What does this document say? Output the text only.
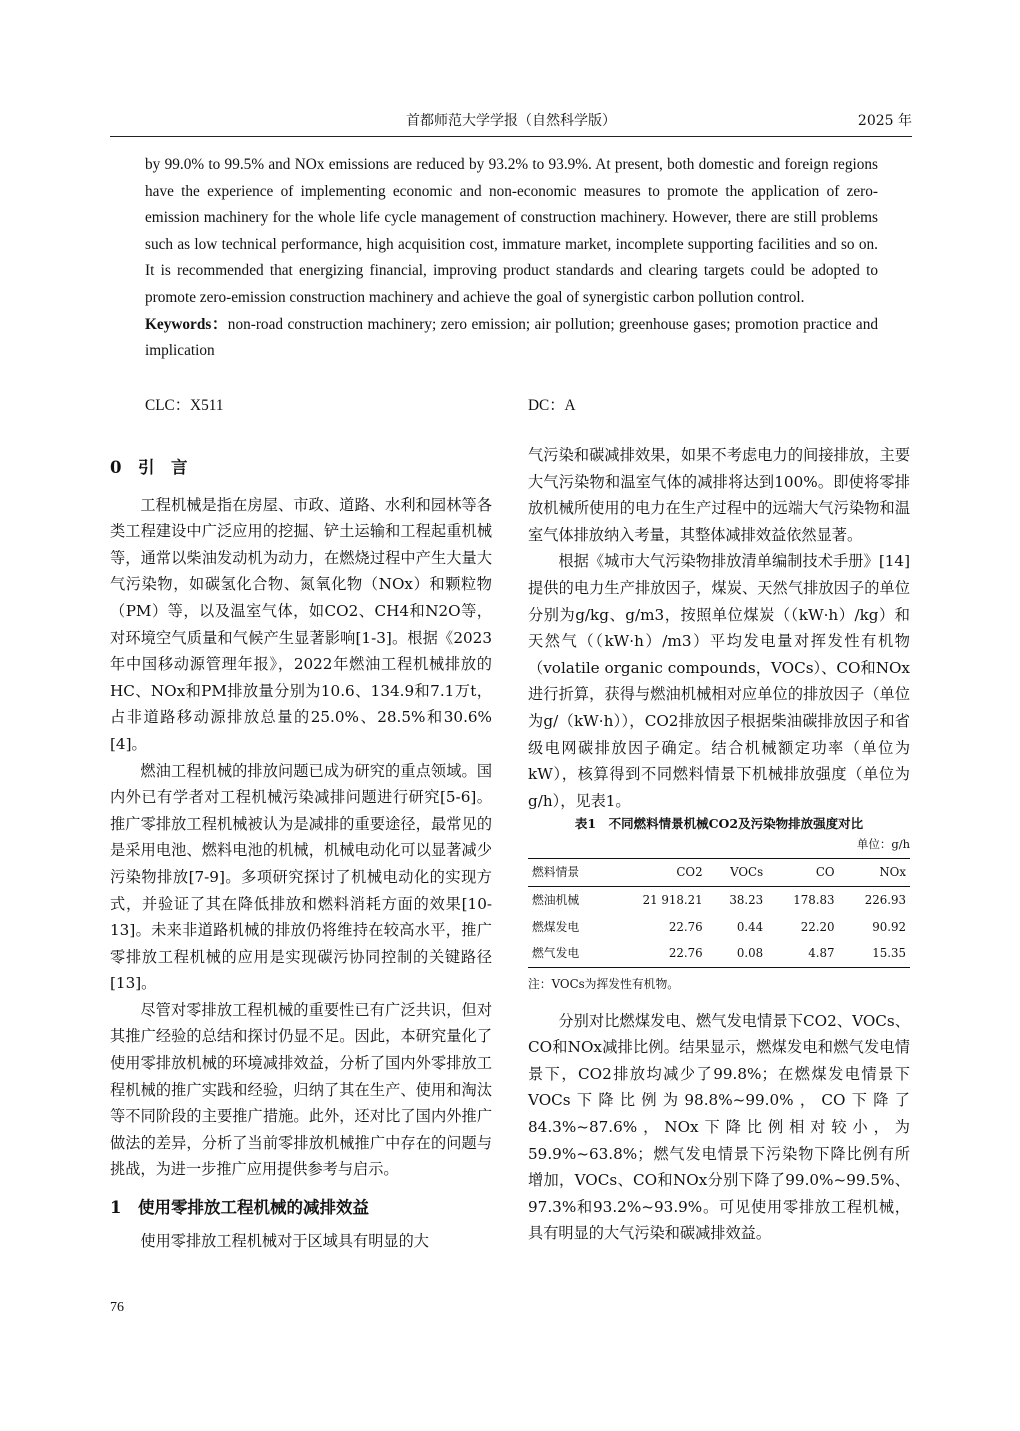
首都师范大学学报（自然科学版）	2025 年

by 99.0% to 99.5% and NOx emissions are reduced by 93.2% to 93.9%. At present, both domestic and foreign regions have the experience of implementing economic and non-economic measures to promote the application of zero-emission machinery for the whole life cycle management of construction machinery. However, there are still problems such as low technical performance, high acquisition cost, immature market, incomplete supporting facilities and so on. It is recommended that energizing financial, improving product standards and clearing targets could be adopted to promote zero-emission construction machinery and achieve the goal of synergistic carbon pollution control.

Keywords：non-road construction machinery; zero emission; air pollution; greenhouse gases; promotion practice and implication

CLC：X511	DC：A

0　引　言

工程机械是指在房屋、市政、道路、水利和园林等各类工程建设中广泛应用的挖掘、铲土运输和工程起重机械等，通常以柴油发动机为动力，在燃烧过程中产生大量大气污染物，如碳氢化合物、氮氧化物（NOx）和颗粒物（PM）等，以及温室气体，如CO2、CH4和N2O等，对环境空气质量和气候产生显著影响[1-3]。根据《2023年中国移动源管理年报》，2022年燃油工程机械排放的HC、NOx和PM排放量分别为10.6、134.9和7.1万t，占非道路移动源排放总量的25.0%、28.5%和30.6%[4]。

燃油工程机械的排放问题已成为研究的重点领域。国内外已有学者对工程机械污染减排问题进行研究[5-6]。推广零排放工程机械被认为是减排的重要途径，最常见的是采用电池、燃料电池的机械，机械电动化可以显著减少污染物排放[7-9]。多项研究探讨了机械电动化的实现方式，并验证了其在降低排放和燃料消耗方面的效果[10-13]。未来非道路机械的排放仍将维持在较高水平，推广零排放工程机械的应用是实现碳污协同控制的关键路径[13]。

尽管对零排放工程机械的重要性已有广泛共识，但对其推广经验的总结和探讨仍显不足。因此，本研究量化了使用零排放机械的环境减排效益，分析了国内外零排放工程机械的推广实践和经验，归纳了其在生产、使用和淘汰等不同阶段的主要推广措施。此外，还对比了国内外推广做法的差异，分析了当前零排放机械推广中存在的问题与挑战，为进一步推广应用提供参考与启示。

1　使用零排放工程机械的减排效益

使用零排放工程机械对于区域具有明显的大

气污染和碳减排效果，如果不考虑电力的间接排放，主要大气污染物和温室气体的减排将达到100%。即使将零排放机械所使用的电力在生产过程中的远端大气污染物和温室气体排放纳入考量，其整体减排效益依然显著。

根据《城市大气污染物排放清单编制技术手册》[14]提供的电力生产排放因子，煤炭、天然气排放因子的单位分别为g/kg、g/m3，按照单位煤炭（（kW·h）/kg）和天然气（（kW·h）/m3）平均发电量对挥发性有机物（volatile organic compounds，VOCs）、CO和NOx进行折算，获得与燃油机械相对应单位的排放因子（单位为g/（kW·h）），CO2排放因子根据柴油碳排放因子和省级电网碳排放因子确定。结合机械额定功率（单位为kW），核算得到不同燃料情景下机械排放强度（单位为g/h），见表1。

表1　不同燃料情景机械CO2及污染物排放强度对比

单位：g/h

燃料情景	CO2	VOCs	CO	NOx
燃油机械	21 918.21	38.23	178.83	226.93
燃煤发电	22.76	0.44	22.20	90.92
燃气发电	22.76	0.08	4.87	15.35

注：VOCs为挥发性有机物。

分别对比燃煤发电、燃气发电情景下CO2、VOCs、CO和NOx减排比例。结果显示，燃煤发电和燃气发电情景下，CO2排放均减少了99.8%；在燃煤发电情景下VOCs下降比例为98.8%~99.0%，CO下降了84.3%~87.6%，NOx下降比例相对较小，为59.9%~63.8%；燃气发电情景下污染物下降比例有所增加，VOCs、CO和NOx分别下降了99.0%~99.5%、97.3%和93.2%~93.9%。可见使用零排放工程机械，具有明显的大气污染和碳减排效益。

76
